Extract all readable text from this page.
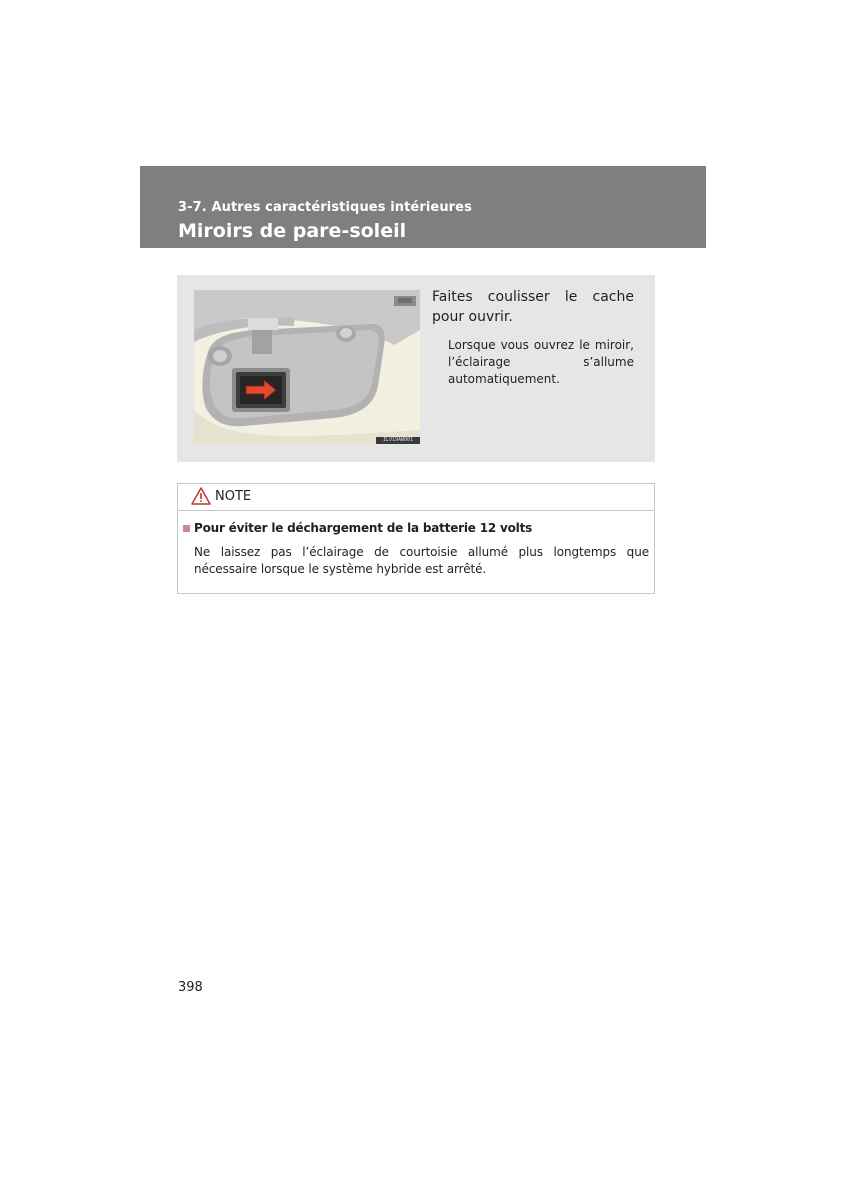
3-7. Autres caractéristiques intérieures
Miroirs de pare-soleil
ILV19AN001
Faites coulisser le cache pour ouvrir.
Lorsque vous ouvrez le miroir, l’éclairage s’allume automatiquement.
NOTE
Pour éviter le déchargement de la batterie 12 volts
Ne laissez pas l’éclairage de courtoisie allumé plus longtemps que nécessaire lorsque le système hybride est arrêté.
398
